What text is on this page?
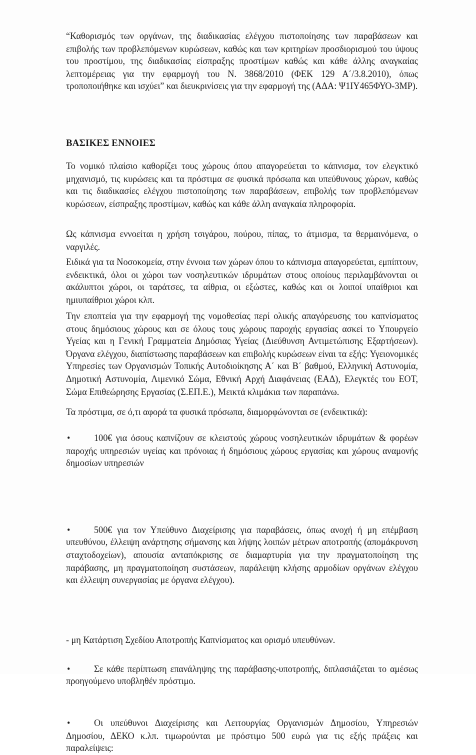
“Καθορισμός των οργάνων, της διαδικασίας ελέγχου πιστοποίησης των παραβάσεων και επιβολής των προβλεπόμενων κυρώσεων, καθώς και των κριτηρίων προσδιορισμού του ύψους του προστίμου, της διαδικασίας είσπραξης προστίμων καθώς και κάθε άλλης αναγκαίας λεπτομέρειας για την εφαρμογή του Ν. 3868/2010 (ΦΕΚ 129 Α΄/3.8.2010), όπως τροποποιήθηκε και ισχύει” και διευκρινίσεις για την εφαρμογή της (ΑΔΑ: Ψ1ΙΥ465ΦΥΟ-3ΜΡ).

ΒΑΣΙΚΕΣ ΕΝΝΟΙΕΣ

Το νομικό πλαίσιο καθορίζει τους χώρους όπου απαγορεύεται το κάπνισμα, τον ελεγκτικό μηχανισμό, τις κυρώσεις και τα πρόστιμα σε φυσικά πρόσωπα και υπεύθυνους χώρων, καθώς και τις διαδικασίες ελέγχου πιστοποίησης των παραβάσεων, επιβολής των προβλεπόμενων κυρώσεων, είσπραξης προστίμων, καθώς και κάθε άλλη αναγκαία πληροφορία.

Ως κάπνισμα εννοείται η χρήση τσιγάρου, πούρου, πίπας, το άτμισμα, τα θερμαινόμενα, ο ναργιλές.

Ειδικά για τα Νοσοκομεία, στην έννοια των χώρων όπου το κάπνισμα απαγορεύεται, εμπίπτουν, ενδεικτικά, όλοι οι χώροι των νοσηλευτικών ιδρυμάτων στους οποίους περιλαμβάνονται οι ακάλυπτοι χώροι, οι ταράτσες, τα αίθρια, οι εξώστες, καθώς και οι λοιποί υπαίθριοι και ημιυπαίθριοι χώροι κλπ.

Την εποπτεία για την εφαρμογή της νομοθεσίας περί ολικής απαγόρευσης του καπνίσματος στους δημόσιους χώρους και σε όλους τους χώρους παροχής εργασίας ασκεί το Υπουργείο Υγείας και η Γενική Γραμματεία Δημόσιας Υγείας (Διεύθυνση Αντιμετώπισης Εξαρτήσεων). Όργανα ελέγχου, διαπίστωσης παραβάσεων και επιβολής κυρώσεων είναι τα εξής: Υγειονομικές Υπηρεσίες των Οργανισμών Τοπικής Αυτοδιοίκησης Α΄ και Β΄ βαθμού, Ελληνική Αστυνομία, Δημοτική Αστυνομία, Λιμενικό Σώμα, Εθνική Αρχή Διαφάνειας (ΕΑΔ), Ελεγκτές του ΕΟΤ, Σώμα Επιθεώρησης Εργασίας (Σ.ΕΠ.Ε.), Μεικτά κλιμάκια των παραπάνω.

Τα πρόστιμα, σε ό,τι αφορά τα φυσικά πρόσωπα, διαμορφώνονται σε (ενδεικτικά):

•	100€ για όσους καπνίζουν σε κλειστούς χώρους νοσηλευτικών ιδρυμάτων & φορέων παροχής υπηρεσιών υγείας και πρόνοιας ή δημόσιους χώρους εργασίας και χώρους αναμονής δημοσίων υπηρεσιών

•	500€ για τον Υπεύθυνο Διαχείρισης για παραβάσεις, όπως ανοχή ή μη επέμβαση υπευθύνου, έλλειψη ανάρτησης σήμανσης και λήψης λοιπών μέτρων αποτροπής (απομάκρυνση σταχτοδοχείων), απουσία ανταπόκρισης σε διαμαρτυρία για την πραγματοποίηση της παράβασης, μη πραγματοποίηση συστάσεων, παράλειψη κλήσης αρμοδίων οργάνων ελέγχου και έλλειψη συνεργασίας με όργανα ελέγχου).

•	Σε κάθε περίπτωση επανάληψης της παράβασης-υποτροπής, διπλασιάζεται το αμέσως προηγούμενο υποβληθέν πρόστιμο.

•	Οι υπεύθυνοι Διαχείρισης και Λειτουργίας Οργανισμών Δημοσίου, Υπηρεσιών Δημοσίου, ΔΕΚΟ κ.λπ. τιμωρούνται με πρόστιμο 500 ευρώ για τις εξής πράξεις και παραλείψεις:

- μη Κατάρτιση Σχεδίου Αποτροπής Καπνίσματος και ορισμό υπευθύνων.
